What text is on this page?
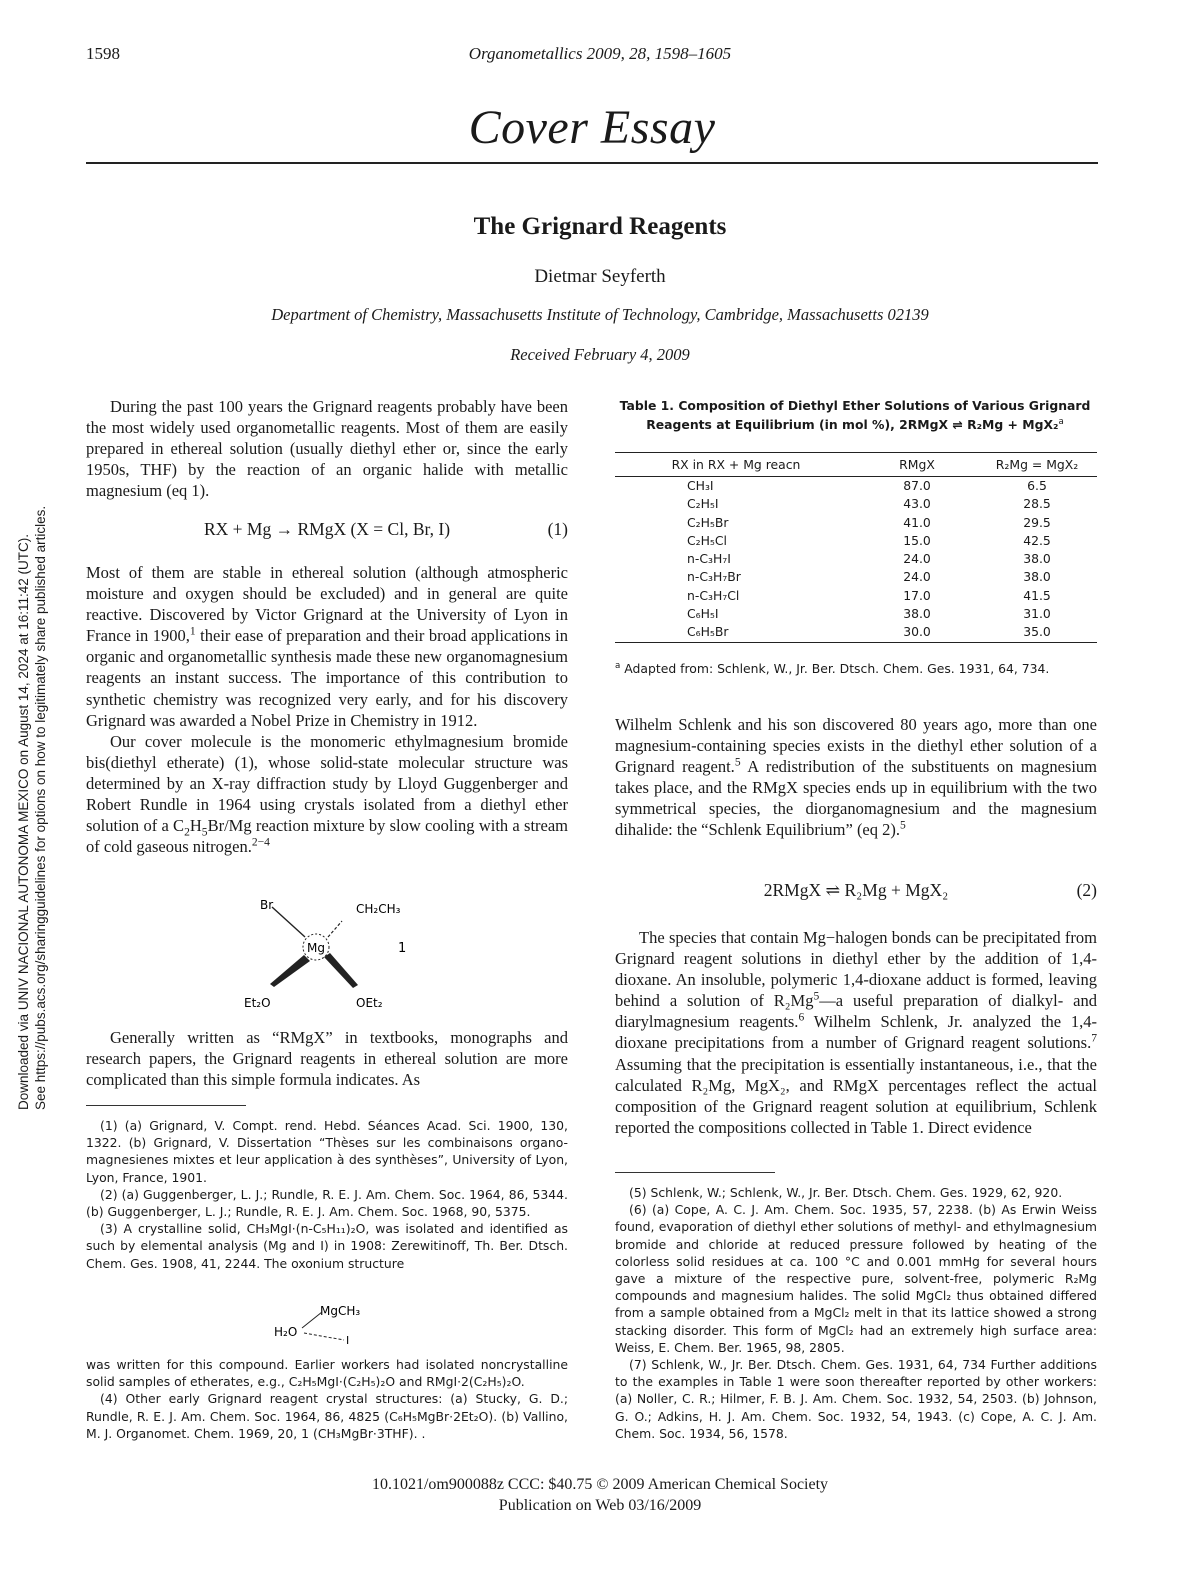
1598	Organometallics 2009, 28, 1598–1605
Cover Essay
The Grignard Reagents
Dietmar Seyferth
Department of Chemistry, Massachusetts Institute of Technology, Cambridge, Massachusetts 02139
Received February 4, 2009
Downloaded via UNIV NACIONAL AUTONOMA MEXICO on August 14, 2024 at 16:11:42 (UTC). See https://pubs.acs.org/sharingguidelines for options on how to legitimately share published articles.

During the past 100 years the Grignard reagents probably have been the most widely used organometallic reagents. Most of them are easily prepared in ethereal solution (usually diethyl ether or, since the early 1950s, THF) by the reaction of an organic halide with metallic magnesium (eq 1).

RX + Mg → RMgX (X = Cl, Br, I)	(1)

Most of them are stable in ethereal solution (although atmospheric moisture and oxygen should be excluded) and in general are quite reactive. Discovered by Victor Grignard at the University of Lyon in France in 1900,$^1$ their ease of preparation and their broad applications in organic and organometallic synthesis made these new organomagnesium reagents an instant success. The importance of this contribution to synthetic chemistry was recognized very early, and for his discovery Grignard was awarded a Nobel Prize in Chemistry in 1912.

Our cover molecule is the monomeric ethylmagnesium bromide bis(diethyl etherate) (1), whose solid-state molecular structure was determined by an X-ray diffraction study by Lloyd Guggenberger and Robert Rundle in 1964 using crystals isolated from a diethyl ether solution of a $C_2H_5Br/Mg$ reaction mixture by slow cooling with a stream of cold gaseous nitrogen.$^{2-4}$

Br	CH₂CH₃
Mg	1
Et₂O	OEt₂

Generally written as “RMgX” in textbooks, monographs and research papers, the Grignard reagents in ethereal solution are more complicated than this simple formula indicates. As

(1) (a) Grignard, V. Compt. rend. Hebd. Séances Acad. Sci. 1900, 130, 1322. (b) Grignard, V. Dissertation “Thèses sur les combinaisons organo-magnesienes mixtes et leur application à des synthèses”, University of Lyon, Lyon, France, 1901.

(2) (a) Guggenberger, L. J.; Rundle, R. E. J. Am. Chem. Soc. 1964, 86, 5344. (b) Guggenberger, L. J.; Rundle, R. E. J. Am. Chem. Soc. 1968, 90, 5375.

(3) A crystalline solid, CH₃MgI·(n-C₅H₁₁)₂O, was isolated and identified as such by elemental analysis (Mg and I) in 1908: Zerewitinoff, Th. Ber. Dtsch. Chem. Ges. 1908, 41, 2244. The oxonium structure

MgCH₃
H₂O
I

was written for this compound. Earlier workers had isolated noncrystalline solid samples of etherates, e.g., C₂H₅MgI·(C₂H₅)₂O and RMgI·2(C₂H₅)₂O.

(4) Other early Grignard reagent crystal structures: (a) Stucky, G. D.; Rundle, R. E. J. Am. Chem. Soc. 1964, 86, 4825 (C₆H₅MgBr·2Et₂O). (b) Vallino, M. J. Organomet. Chem. 1969, 20, 1 (CH₃MgBr·3THF). .

Table 1. Composition of Diethyl Ether Solutions of Various Grignard Reagents at Equilibrium (in mol %), 2RMgX ⇌ R₂Mg + MgX₂$^a$
RX in RX + Mg reacn	RMgX	R₂Mg = MgX₂
CH₃I	87.0	6.5
C₂H₅I	43.0	28.5
C₂H₅Br	41.0	29.5
C₂H₅Cl	15.0	42.5
n-C₃H₇I	24.0	38.0
n-C₃H₇Br	24.0	38.0
n-C₃H₇Cl	17.0	41.5
C₆H₅I	38.0	31.0
C₆H₅Br	30.0	35.0
$^a$ Adapted from: Schlenk, W., Jr. Ber. Dtsch. Chem. Ges. 1931, 64, 734.

Wilhelm Schlenk and his son discovered 80 years ago, more than one magnesium-containing species exists in the diethyl ether solution of a Grignard reagent.$^5$ A redistribution of the substituents on magnesium takes place, and the RMgX species ends up in equilibrium with the two symmetrical species, the diorganomagnesium and the magnesium dihalide: the “Schlenk Equilibrium” (eq 2).$^5$

2RMgX ⇌ R₂Mg + MgX₂	(2)

The species that contain Mg−halogen bonds can be precipitated from Grignard reagent solutions in diethyl ether by the addition of 1,4-dioxane. An insoluble, polymeric 1,4-dioxane adduct is formed, leaving behind a solution of R₂Mg$^5$—a useful preparation of dialkyl- and diarylmagnesium reagents.$^6$ Wilhelm Schlenk, Jr. analyzed the 1,4-dioxane precipitations from a number of Grignard reagent solutions.$^7$ Assuming that the precipitation is essentially instantaneous, i.e., that the calculated R₂Mg, MgX₂, and RMgX percentages reflect the actual composition of the Grignard reagent solution at equilibrium, Schlenk reported the compositions collected in Table 1. Direct evidence

(5) Schlenk, W.; Schlenk, W., Jr. Ber. Dtsch. Chem. Ges. 1929, 62, 920.

(6) (a) Cope, A. C. J. Am. Chem. Soc. 1935, 57, 2238. (b) As Erwin Weiss found, evaporation of diethyl ether solutions of methyl- and ethylmagnesium bromide and chloride at reduced pressure followed by heating of the colorless solid residues at ca. 100 °C and 0.001 mmHg for several hours gave a mixture of the respective pure, solvent-free, polymeric R₂Mg compounds and magnesium halides. The solid MgCl₂ thus obtained differed from a sample obtained from a MgCl₂ melt in that its lattice showed a strong stacking disorder. This form of MgCl₂ had an extremely high surface area: Weiss, E. Chem. Ber. 1965, 98, 2805.

(7) Schlenk, W., Jr. Ber. Dtsch. Chem. Ges. 1931, 64, 734 Further additions to the examples in Table 1 were soon thereafter reported by other workers: (a) Noller, C. R.; Hilmer, F. B. J. Am. Chem. Soc. 1932, 54, 2503. (b) Johnson, G. O.; Adkins, H. J. Am. Chem. Soc. 1932, 54, 1943. (c) Cope, A. C. J. Am. Chem. Soc. 1934, 56, 1578.

10.1021/om900088z CCC: $40.75 © 2009 American Chemical Society
Publication on Web 03/16/2009
